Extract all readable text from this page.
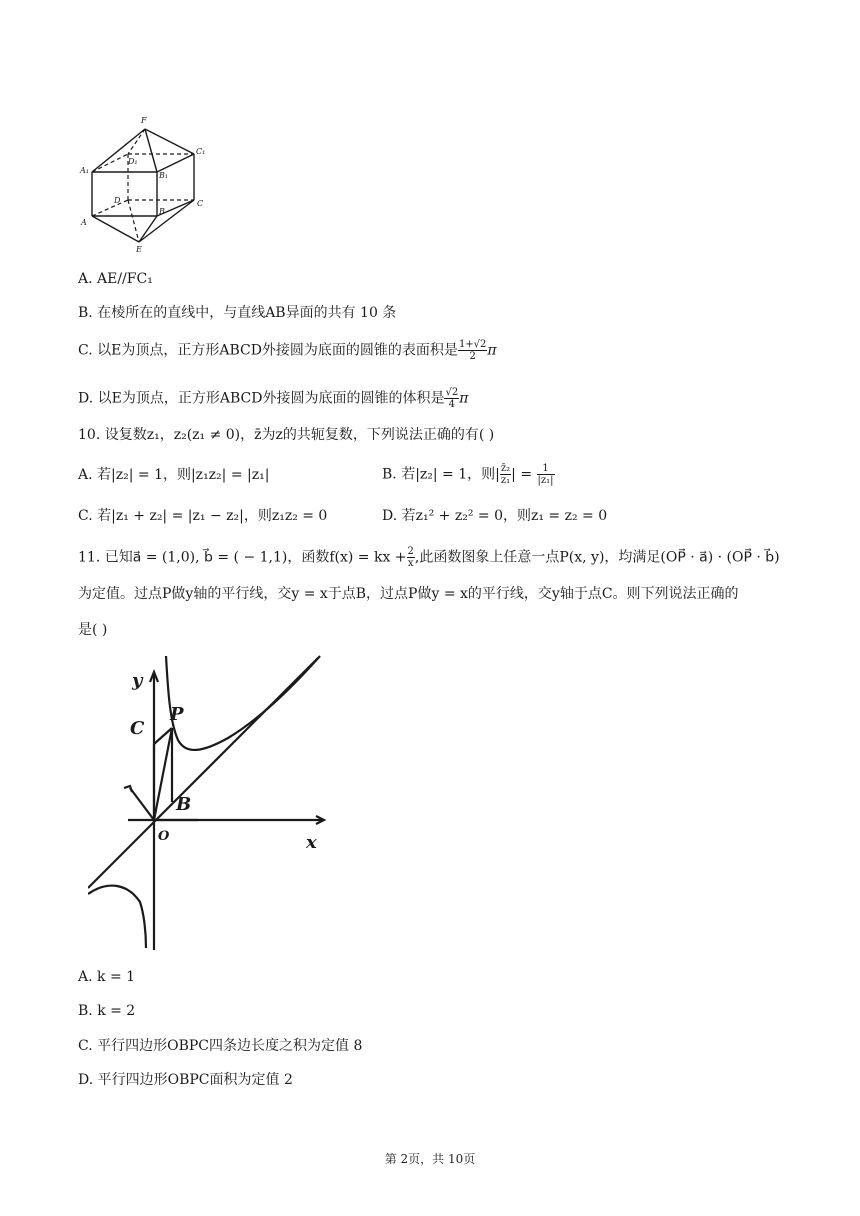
F
C₁
A₁
D₁
B₁
D	C
A
B
E
A. AE//FC₁
B. 在棱所在的直线中，与直线AB异面的共有 10 条
C. 以E为顶点，正方形ABCD外接圆为底面的圆锥的表面积是 $\frac{1+√2}{2}$ π
D. 以E为顶点，正方形ABCD外接圆为底面的圆锥的体积是 $\frac{√2}{4}$ π
10. 设复数z₁，z₂(z₁ ≠ 0)，z̄为z的共轭复数，下列说法正确的有( )
A. 若|z₂| = 1，则|z₁z₂| = |z₁|	B. 若|z₂| = 1，则| $\frac{\text{z̄₂}}{\text{z₁}}$ | = $\frac{1}{\text{|z₁|}}$
C. 若|z₁ + z₂| = |z₁ − z₂|，则z₁z₂ = 0	D. 若z₁² + z₂² = 0，则z₁ = z₂ = 0
11. 已知a⃗ = (1,0), b⃗ = ( − 1,1)，函数f(x) = kx + $\frac{2}{x}$ ,此函数图象上任意一点P(x, y)，均满足(OP⃗ · a⃗) · (OP⃗ · b⃗)
为定值。过点P做y轴的平行线，交y = x于点B，过点P做y = x的平行线，交y轴于点C。则下列说法正确的
是( )
y
x
O
P
C
B
A. k = 1
B. k = 2
C. 平行四边形OBPC四条边长度之积为定值 8
D. 平行四边形OBPC面积为定值 2
第 2页，共 10页
